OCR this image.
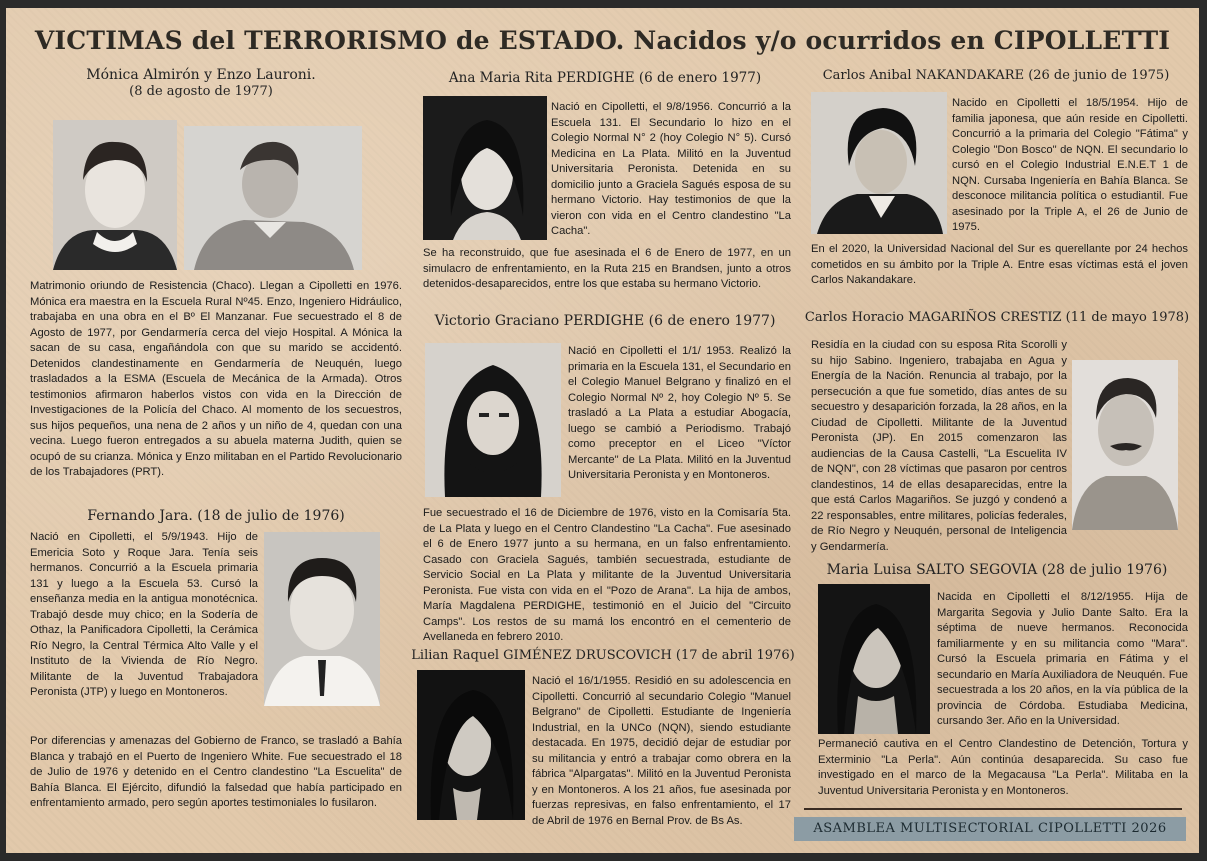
VICTIMAS del TERRORISMO de ESTADO. Nacidos y/o ocurridos en CIPOLLETTI
Mónica Almirón y Enzo Lauroni.
(8 de agosto de 1977)
Matrimonio oriundo de Resistencia (Chaco). Llegan a Cipolletti en 1976. Mónica era maestra en la Escuela Rural Nº45. Enzo, Ingeniero Hidráulico, trabajaba en una obra en el Bº El Manzanar. Fue secuestrado el 8 de Agosto de 1977, por Gendarmería cerca del viejo Hospital. A Mónica la sacan de su casa, engañándola con que su marido se accidentó. Detenidos clandestinamente en Gendarmería de Neuquén, luego trasladados a la ESMA (Escuela de Mecánica de la Armada). Otros testimonios afirmaron haberlos vistos con vida en la Dirección de Investigaciones de la Policía del Chaco. Al momento de los secuestros, sus hijos pequeños, una nena de 2 años y un niño de 4, quedan con una vecina. Luego fueron entregados a su abuela materna Judith, quien se ocupó de su crianza. Mónica y Enzo militaban en el Partido Revolucionario de los Trabajadores (PRT).
Fernando Jara. (18 de julio de 1976)
Nació en Cipolletti, el 5/9/1943. Hijo de Emericia Soto y Roque Jara. Tenía seis hermanos. Concurrió a la Escuela primaria 131 y luego a la Escuela 53. Cursó la enseñanza media en la antigua monotécnica. Trabajó desde muy chico; en la Sodería de Othaz, la Panificadora Cipolletti, la Cerámica Río Negro, la Central Térmica Alto Valle y el Instituto de la Vivienda de Río Negro. Militante de la Juventud Trabajadora Peronista (JTP) y luego en Montoneros.
Por diferencias y amenazas del Gobierno de Franco, se trasladó a Bahía Blanca y trabajó en el Puerto de Ingeniero White. Fue secuestrado el 18 de Julio de 1976 y detenido en el Centro clandestino "La Escuelita" de Bahía Blanca. El Ejército, difundió la falsedad que había participado en enfrentamiento armado, pero según aportes testimoniales lo fusilaron.
Ana Maria Rita PERDIGHE (6 de enero 1977)
Nació en Cipolletti, el 9/8/1956. Concurrió a la Escuela 131. El Secundario lo hizo en el Colegio Normal N° 2 (hoy Colegio N° 5). Cursó Medicina en La Plata. Militó en la Juventud Universitaria Peronista. Detenida en su domicilio junto a Graciela Sagués esposa de su hermano Victorio. Hay testimonios de que la vieron con vida en el Centro clandestino "La Cacha".
Se ha reconstruido, que fue asesinada el 6 de Enero de 1977, en un simulacro de enfrentamiento, en la Ruta 215 en Brandsen, junto a otros detenidos-desaparecidos, entre los que estaba su hermano Victorio.
Victorio Graciano PERDIGHE (6 de enero 1977)
Nació en Cipolletti el 1/1/ 1953. Realizó la primaria en la Escuela 131, el Secundario en el Colegio Manuel Belgrano y finalizó en el Colegio Normal Nº 2, hoy Colegio Nº 5. Se trasladó a La Plata a estudiar Abogacía, luego se cambió a Periodismo. Trabajó como preceptor en el Liceo "Víctor Mercante" de La Plata. Militó en la Juventud Universitaria Peronista y en Montoneros.
Fue secuestrado el 16 de Diciembre de 1976, visto en la Comisaría 5ta. de La Plata y luego en el Centro Clandestino "La Cacha". Fue asesinado el 6 de Enero 1977 junto a su hermana, en un falso enfrentamiento. Casado con Graciela Sagués, también secuestrada, estudiante de Servicio Social en La Plata y militante de la Juventud Universitaria Peronista. Fue vista con vida en el "Pozo de Arana". La hija de ambos, María Magdalena PERDIGHE, testimonió en el Juicio del "Circuito Camps". Los restos de su mamá los encontró en el cementerio de Avellaneda en febrero 2010.
Lilian Raquel GIMÉNEZ DRUSCOVICH (17 de abril 1976)
Nació el 16/1/1955. Residió en su adolescencia en Cipolletti. Concurrió al secundario Colegio "Manuel Belgrano" de Cipolletti. Estudiante de Ingeniería Industrial, en la UNCo (NQN), siendo estudiante destacada. En 1975, decidió dejar de estudiar por su militancia y entró a trabajar como obrera en la fábrica "Alpargatas". Militó en la Juventud Peronista y en Montoneros. A los 21 años, fue asesinada por fuerzas represivas, en falso enfrentamiento, el 17 de Abril de 1976 en Bernal Prov. de Bs As.
Carlos Anibal NAKANDAKARE (26 de junio de 1975)
Nacido en Cipolletti el 18/5/1954. Hijo de familia japonesa, que aún reside en Cipolletti. Concurrió a la primaria del Colegio "Fátima" y Colegio "Don Bosco" de NQN. El secundario lo cursó en el Colegio Industrial E.N.E.T 1 de NQN. Cursaba Ingeniería en Bahía Blanca. Se desconoce militancia política o estudiantil. Fue asesinado por la Triple A, el 26 de Junio de 1975.
En el 2020, la Universidad Nacional del Sur es querellante por 24 hechos cometidos en su ámbito por la Triple A. Entre esas víctimas está el joven Carlos Nakandakare.
Carlos Horacio MAGARIÑOS CRESTIZ (11 de mayo 1978)
Residía en la ciudad con su esposa Rita Scorolli y su hijo Sabino. Ingeniero, trabajaba en Agua y Energía de la Nación. Renuncia al trabajo, por la persecución a que fue sometido, días antes de su secuestro y desaparición forzada, la 28 años, en la Ciudad de Cipolletti. Militante de la Juventud Peronista (JP). En 2015 comenzaron las audiencias de la Causa Castelli, "La Escuelita IV de NQN", con 28 víctimas que pasaron por centros clandestinos, 14 de ellas desaparecidas, entre la que está Carlos Magariños. Se juzgó y condenó a 22 responsables, entre militares, policías federales, de Río Negro y Neuquén, personal de Inteligencia y Gendarmería.
Maria Luisa SALTO SEGOVIA (28 de julio 1976)
Nacida en Cipolletti el 8/12/1955. Hija de Margarita Segovia y Julio Dante Salto. Era la séptima de nueve hermanos. Reconocida familiarmente y en su militancia como "Mara". Cursó la Escuela primaria en Fátima y el secundario en María Auxiliadora de Neuquén. Fue secuestrada a los 20 años, en la vía pública de la provincia de Córdoba. Estudiaba Medicina, cursando 3er. Año en la Universidad.
Permaneció cautiva en el Centro Clandestino de Detención, Tortura y Exterminio "La Perla". Aún continúa desaparecida. Su caso fue investigado en el marco de la Megacausa "La Perla". Militaba en la Juventud Universitaria Peronista y en Montoneros.
ASAMBLEA MULTISECTORIAL CIPOLLETTI 2026
